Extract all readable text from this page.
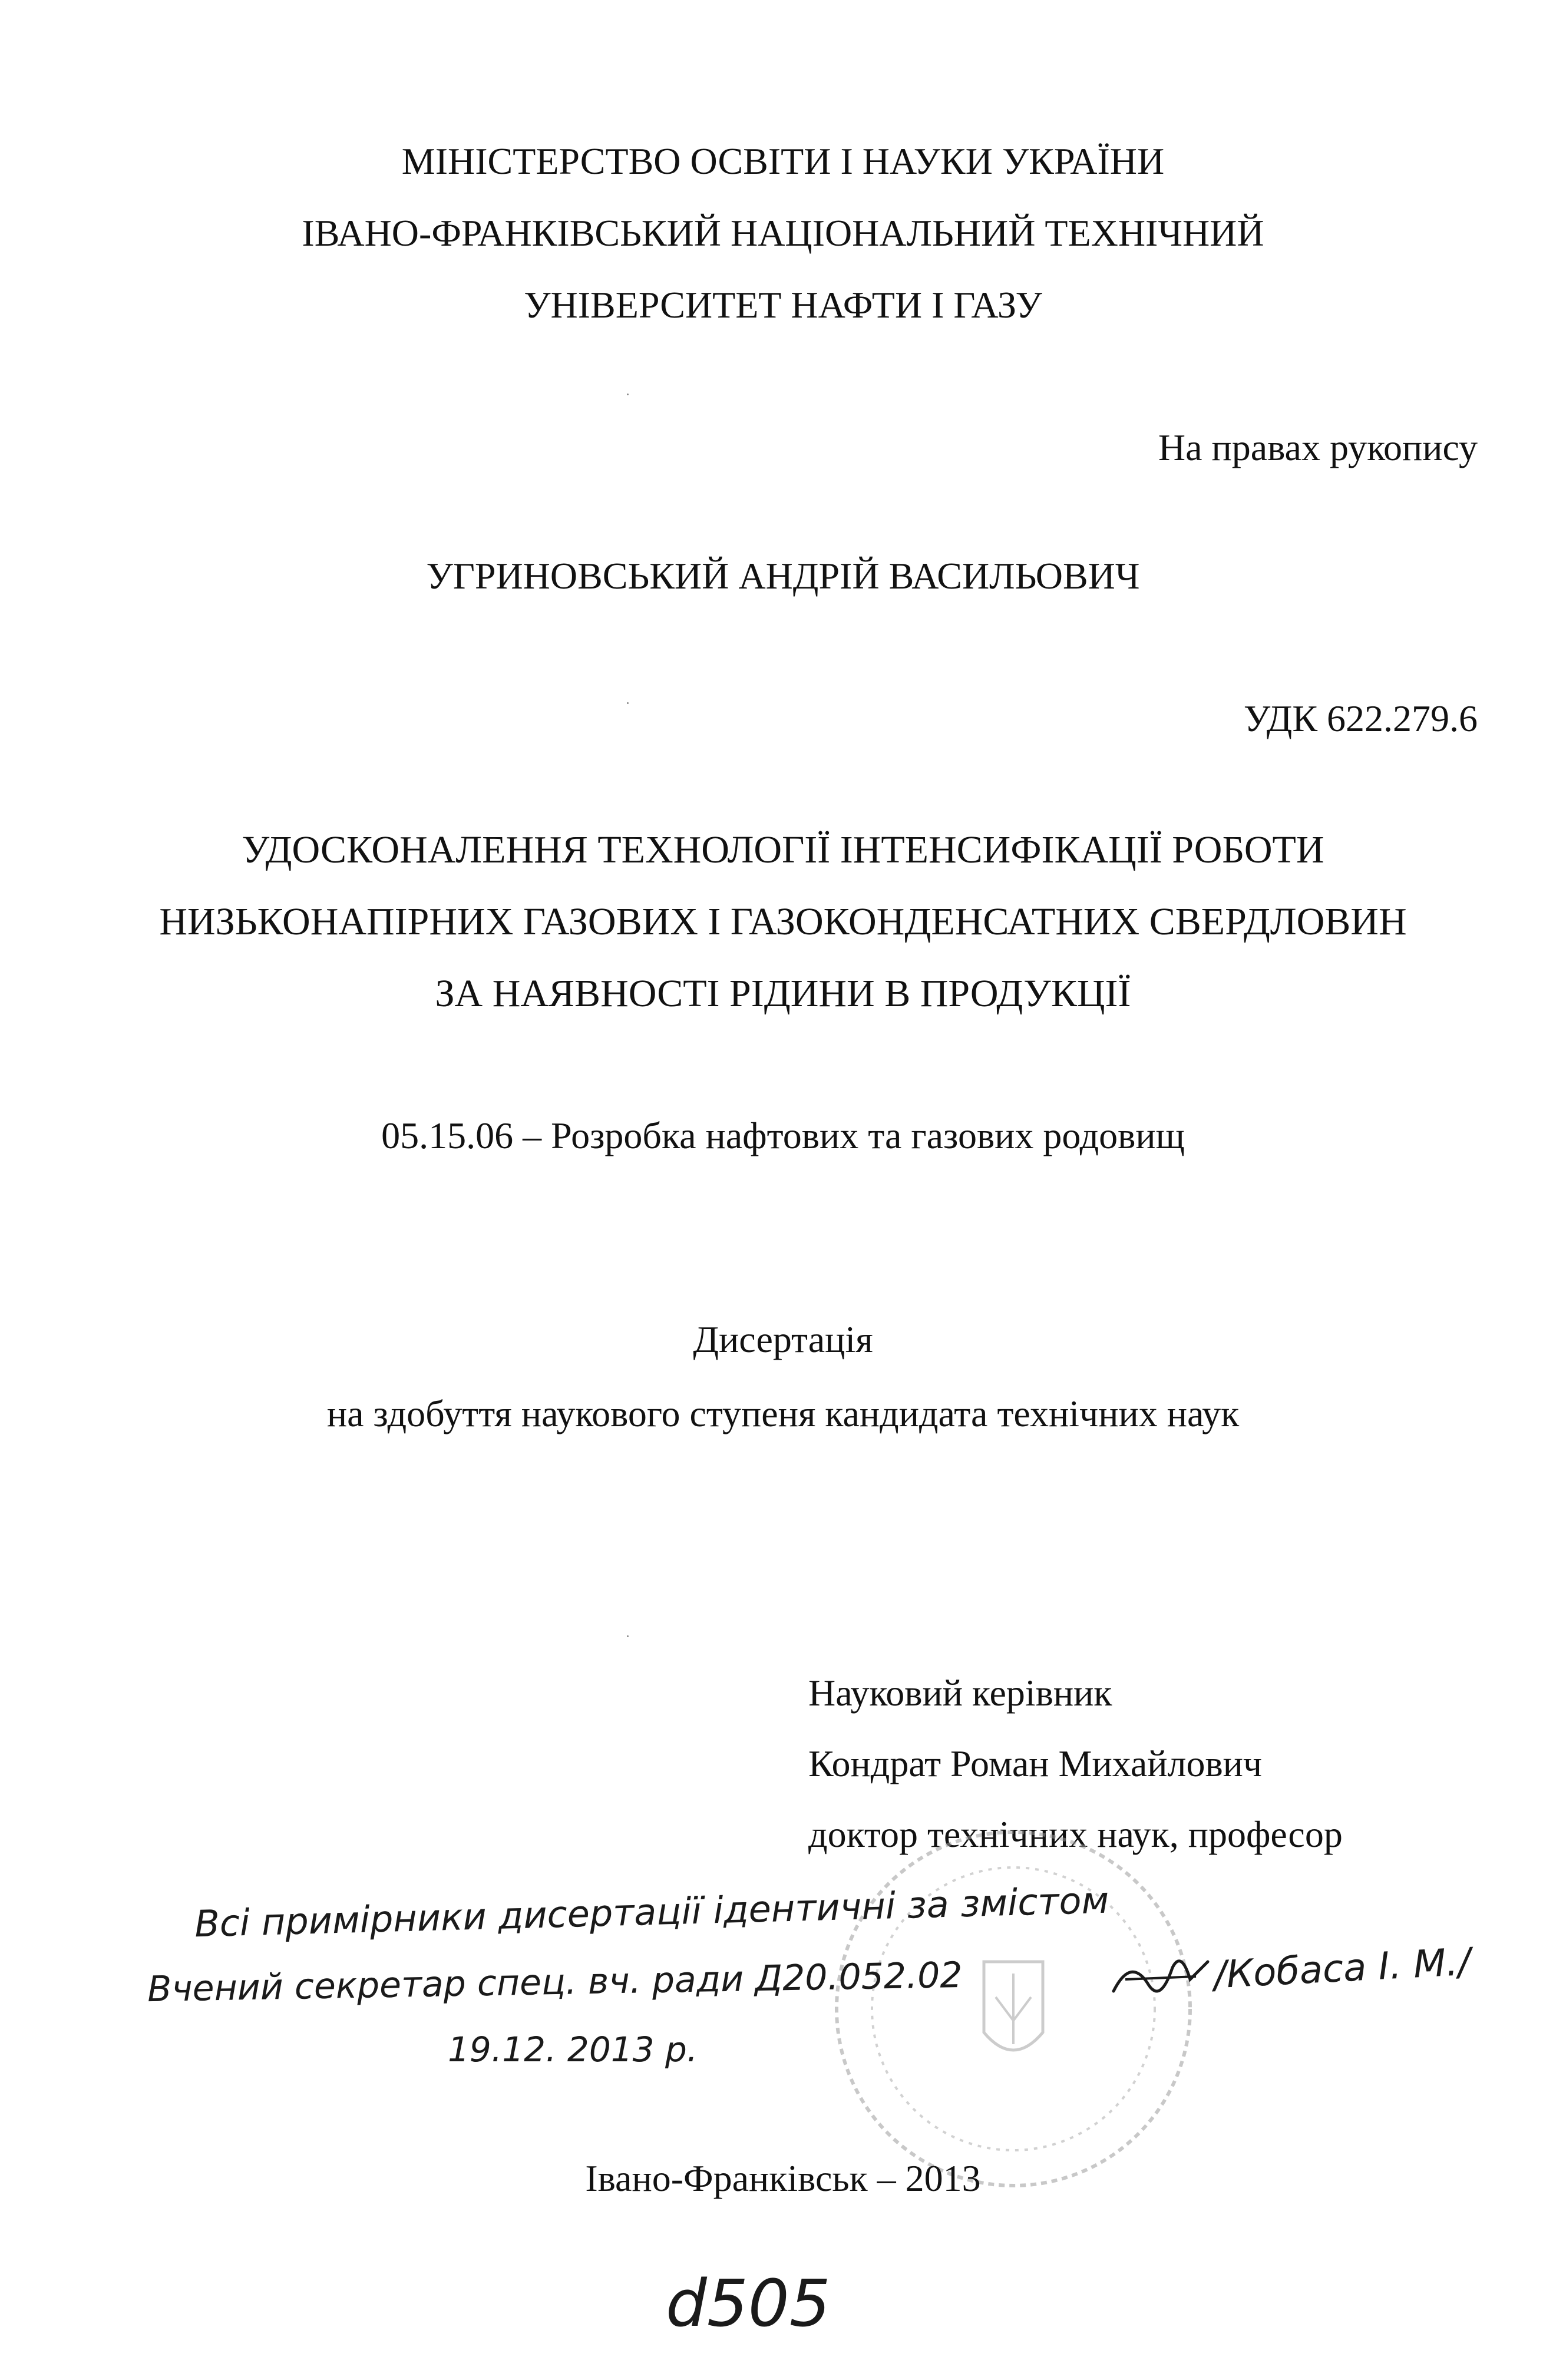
МІНІСТЕРСТВО ОСВІТИ І НАУКИ УКРАЇНИ
ІВАНО-ФРАНКІВСЬКИЙ НАЦІОНАЛЬНИЙ ТЕХНІЧНИЙ
УНІВЕРСИТЕТ НАФТИ І ГАЗУ
На правах рукопису
УГРИНОВСЬКИЙ АНДРІЙ ВАСИЛЬОВИЧ
УДК 622.279.6
УДОСКОНАЛЕННЯ ТЕХНОЛОГІЇ ІНТЕНСИФІКАЦІЇ РОБОТИ
НИЗЬКОНАПІРНИХ ГАЗОВИХ І ГАЗОКОНДЕНСАТНИХ СВЕРДЛОВИН
ЗА НАЯВНОСТІ РІДИНИ В ПРОДУКЦІЇ
05.15.06 – Розробка нафтових та газових родовищ
Дисертація
на здобуття наукового ступеня кандидата технічних наук
Науковий керівник
Кондрат Роман Михайлович
доктор технічних наук, професор
Всі примірники дисертації ідентичні за змістом
Вчений секретар спец. вч. ради Д20.052.02	/Кобаса І. М./
19.12. 2013 р.
Івано-Франківськ – 2013
d505
